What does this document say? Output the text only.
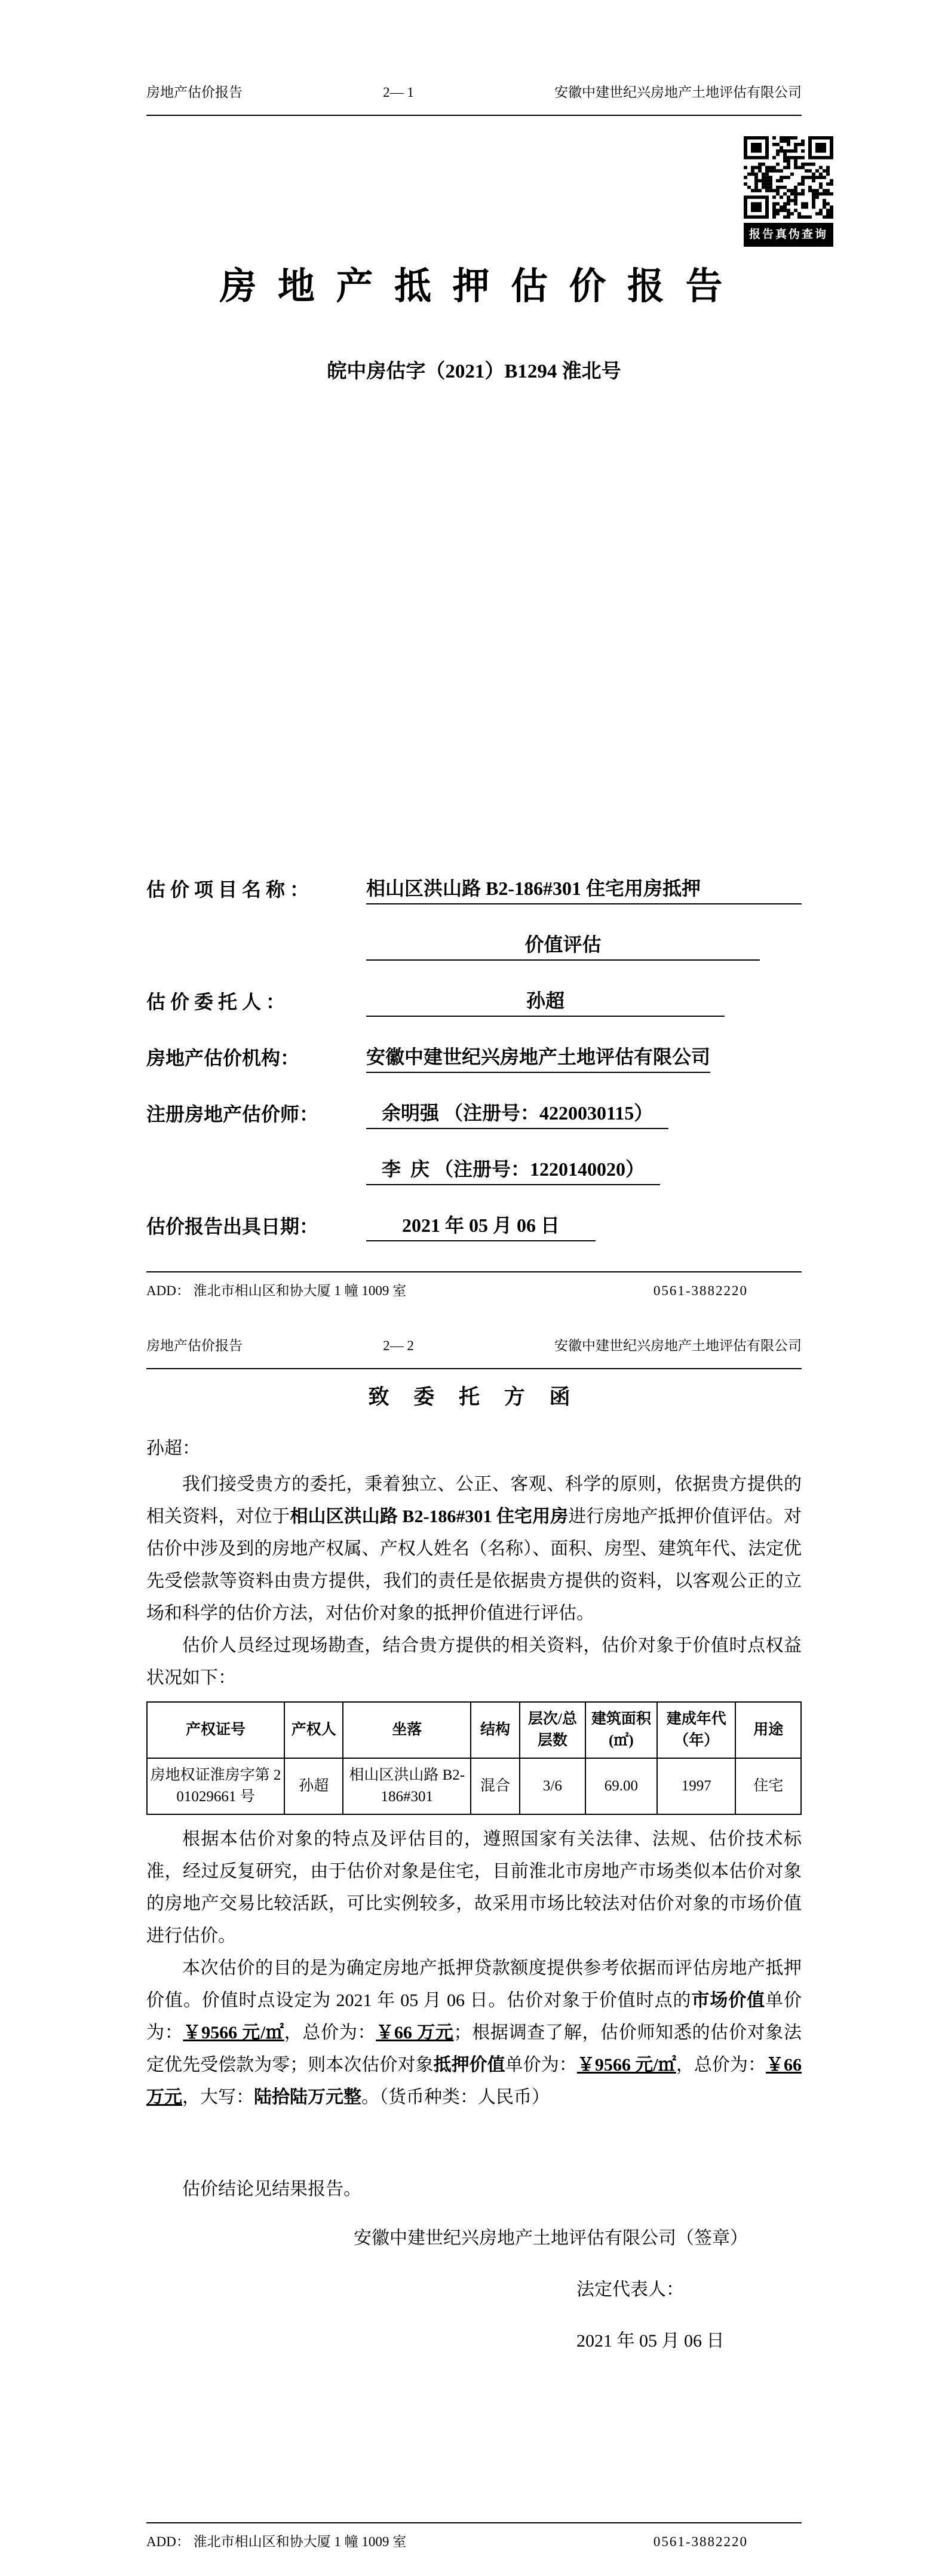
房地产估价报告	2— 1	安徽中建世纪兴房地产土地评估有限公司
报告真伪查询
房 地 产 抵 押 估 价 报 告
皖中房估字（2021）B1294 淮北号
估 价 项 目 名 称 ：	相山区洪山路 B2-186#301 住宅用房抵押
价值评估
估 价 委 托 人 ：	孙超
房地产估价机构：	安徽中建世纪兴房地产土地评估有限公司
注册房地产估价师：	余明强 （注册号：4220030115）
李  庆 （注册号：1220140020）
估价报告出具日期：	2021 年 05 月 06 日
ADD： 淮北市相山区和协大厦 1 幢 1009 室	0561-3882220
房地产估价报告	2— 2	安徽中建世纪兴房地产土地评估有限公司
致 委 托 方 函
孙超：

我们接受贵方的委托，秉着独立、公正、客观、科学的原则，依据贵方提供的相关资料，对位于相山区洪山路 B2-186#301 住宅用房进行房地产抵押价值评估。对估价中涉及到的房地产权属、产权人姓名（名称）、面积、房型、建筑年代、法定优先受偿款等资料由贵方提供，我们的责任是依据贵方提供的资料，以客观公正的立场和科学的估价方法，对估价对象的抵押价值进行评估。

估价人员经过现场勘查，结合贵方提供的相关资料，估价对象于价值时点权益状况如下：

产权证号	产权人	坐落	结构	层次/总层数	建筑面积(㎡)	建成年代（年）	用途
房地权证淮房字第 201029661 号	孙超	相山区洪山路 B2-186#301	混合	3/6	69.00	1997	住宅

根据本估价对象的特点及评估目的，遵照国家有关法律、法规、估价技术标准，经过反复研究，由于估价对象是住宅，目前淮北市房地产市场类似本估价对象的房地产交易比较活跃，可比实例较多，故采用市场比较法对估价对象的市场价值进行估价。

本次估价的目的是为确定房地产抵押贷款额度提供参考依据而评估房地产抵押价值。价值时点设定为 2021 年 05 月 06 日。估价对象于价值时点的市场价值单价为：￥9566 元/㎡，总价为：￥66 万元；根据调查了解，估价师知悉的估价对象法定优先受偿款为零；则本次估价对象抵押价值单价为：￥9566 元/㎡，总价为：￥66 万元，大写：陆拾陆万元整。（货币种类：人民币）

估价结论见结果报告。

安徽中建世纪兴房地产土地评估有限公司（签章）
法定代表人：
2021 年 05 月 06 日
ADD： 淮北市相山区和协大厦 1 幢 1009 室	0561-3882220
